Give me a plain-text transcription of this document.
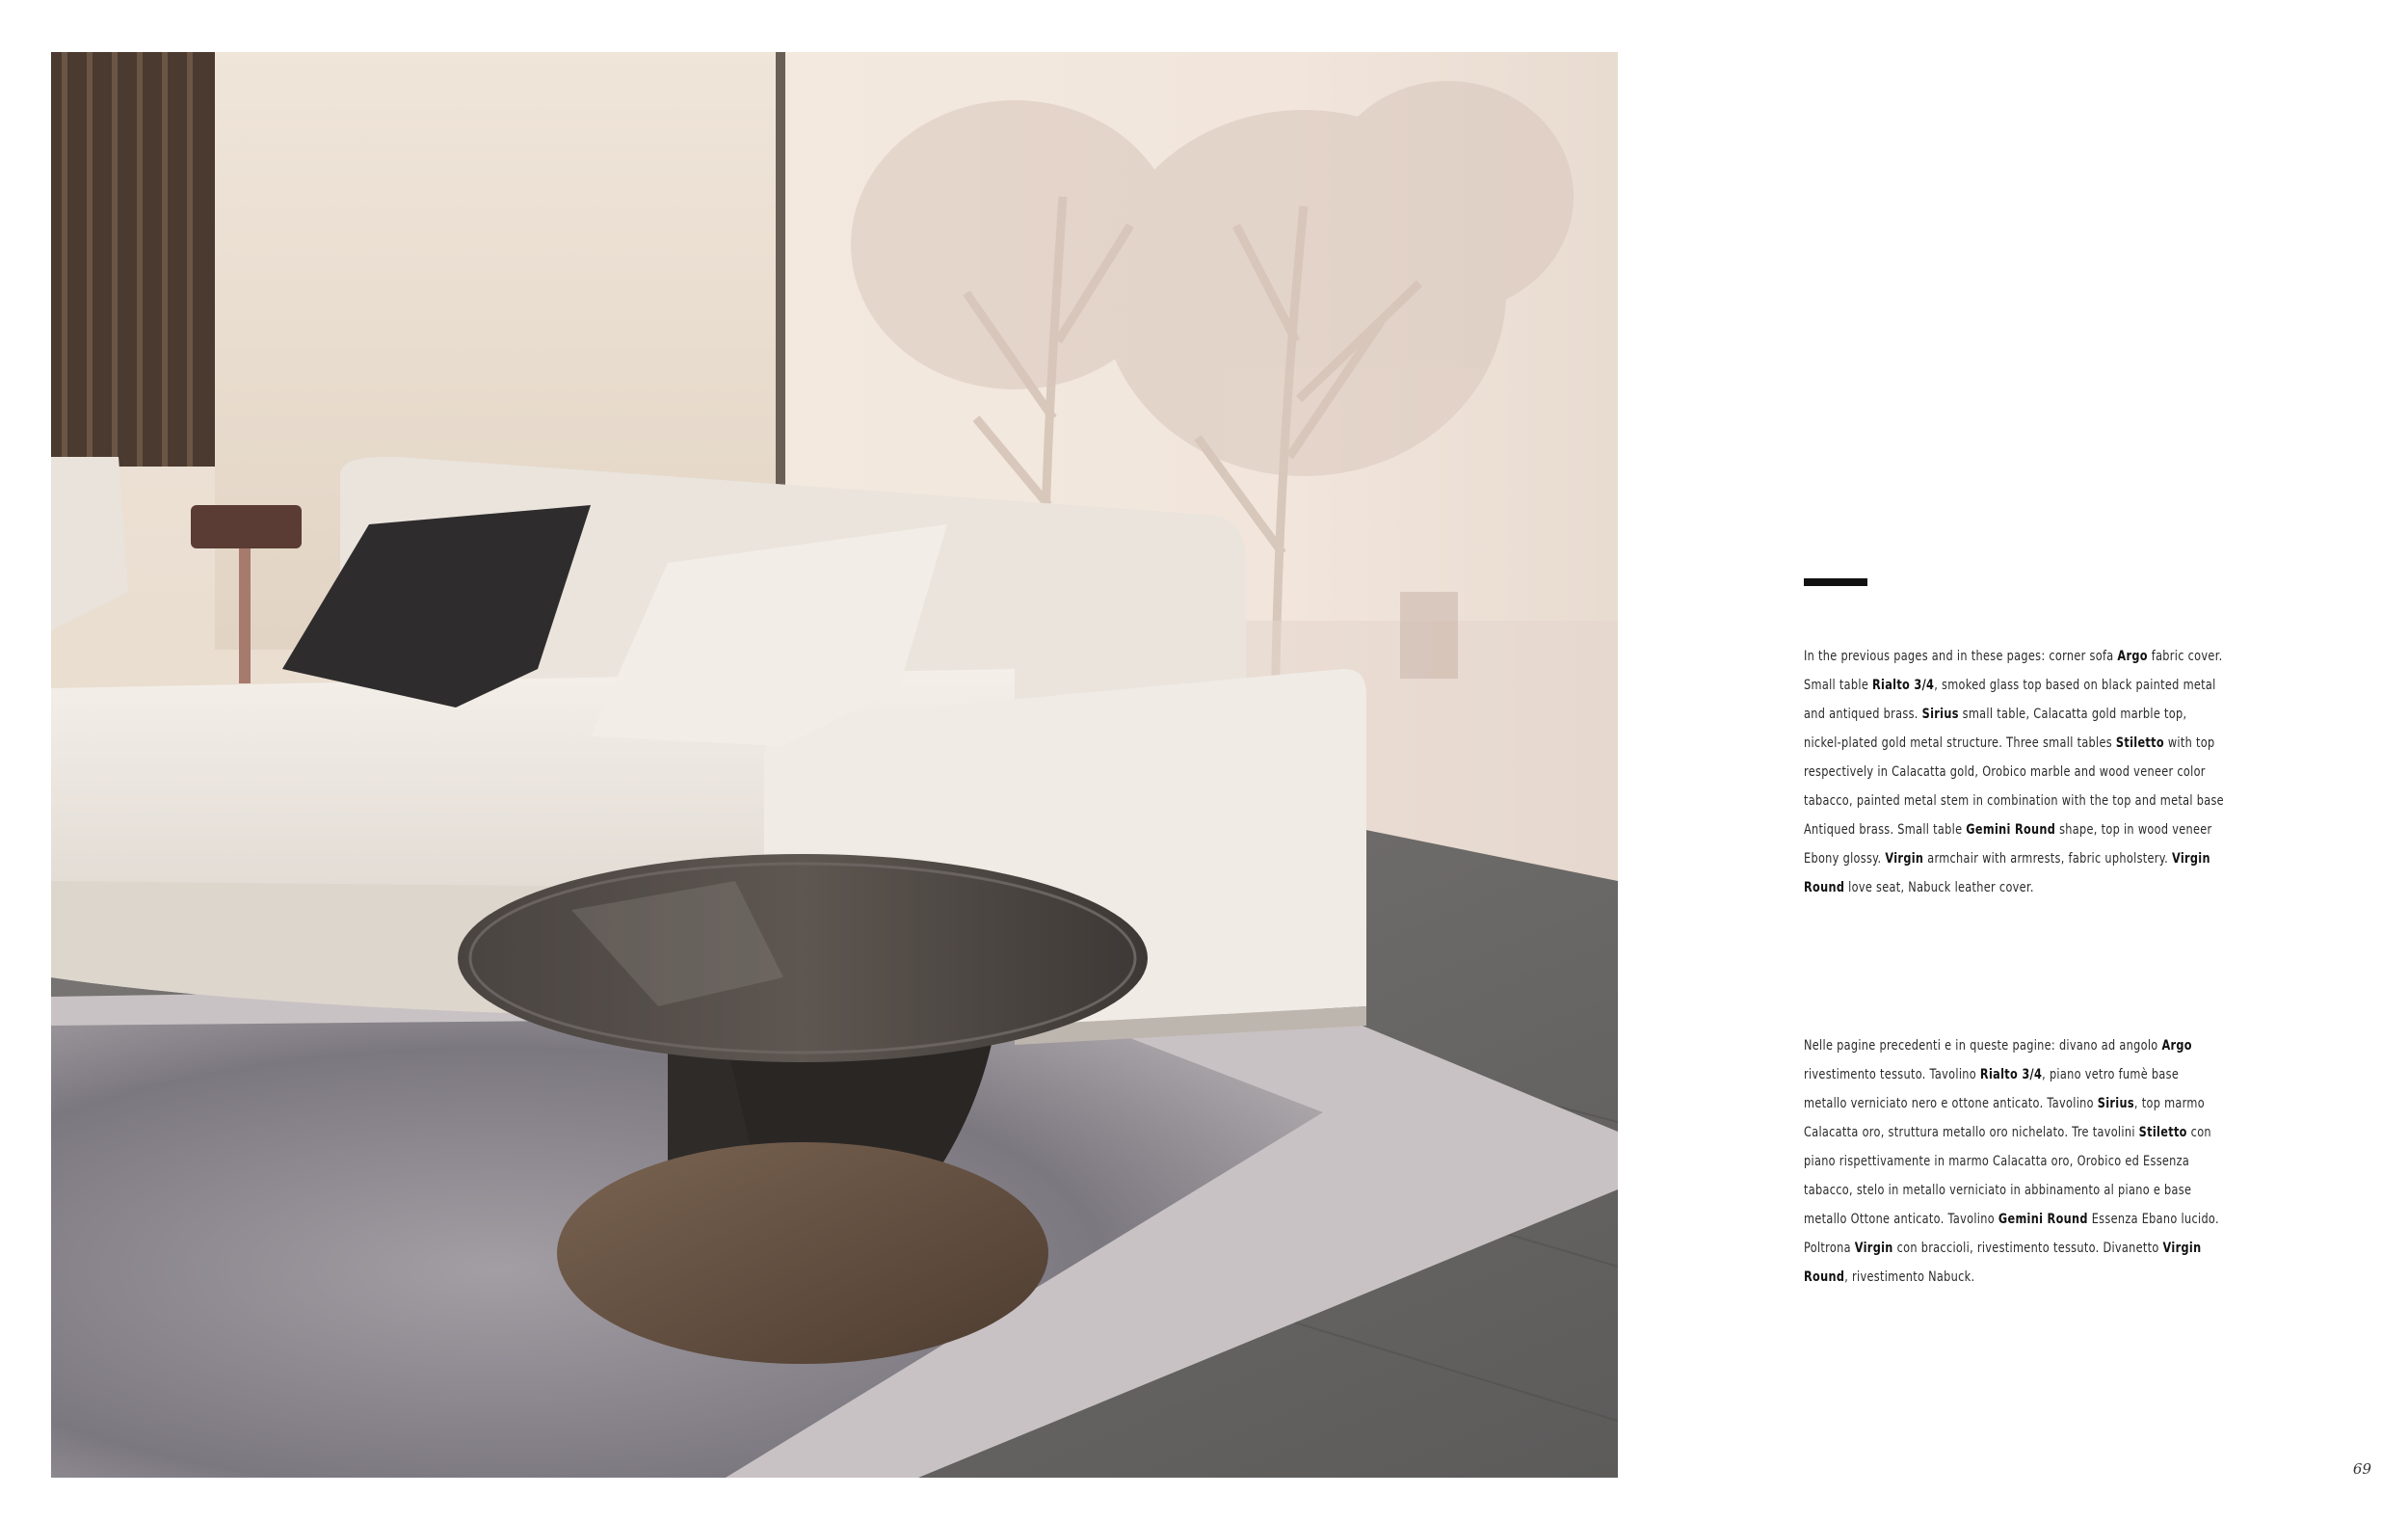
In the previous pages and in these pages: corner sofa Argo fabric cover. Small table Rialto 3/4, smoked glass top based on black painted metal and antiqued brass. Sirius small table, Calacatta gold marble top, nickel-plated gold metal structure. Three small tables Stiletto with top respectively in Calacatta gold, Orobico marble and wood veneer color tabacco, painted metal stem in combination with the top and metal base Antiqued brass. Small table Gemini Round shape, top in wood veneer Ebony glossy. Virgin armchair with armrests, fabric upholstery. Virgin Round love seat, Nabuck leather cover.

Nelle pagine precedenti e in queste pagine: divano ad angolo Argo rivestimento tessuto. Tavolino Rialto 3/4, piano vetro fumè base metallo verniciato nero e ottone anticato. Tavolino Sirius, top marmo Calacatta oro, struttura metallo oro nichelato. Tre tavolini Stiletto con piano rispettivamente in marmo Calacatta oro, Orobico ed Essenza tabacco, stelo in metallo verniciato in abbinamento al piano e base metallo Ottone anticato. Tavolino Gemini Round Essenza Ebano lucido. Poltrona Virgin con braccioli, rivestimento tessuto. Divanetto Virgin Round, rivestimento Nabuck.

69
